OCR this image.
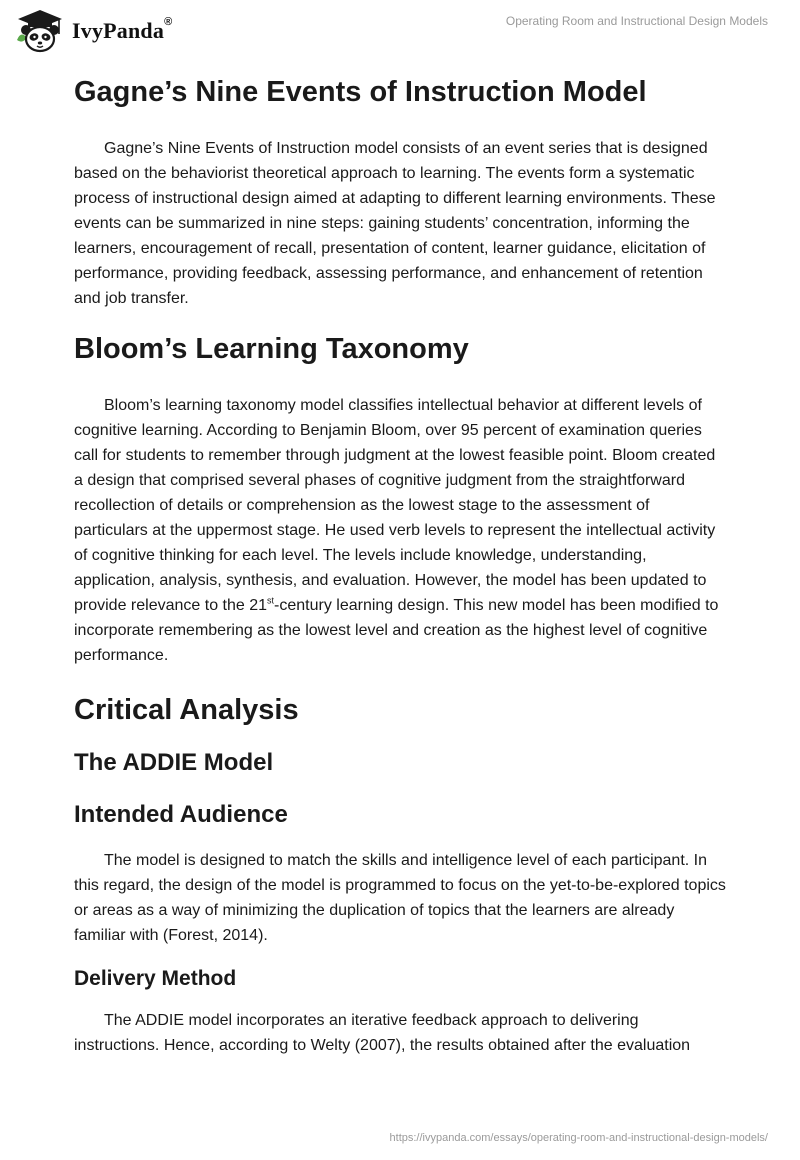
IvyPanda®	Operating Room and Instructional Design Models
Gagne’s Nine Events of Instruction Model

Gagne’s Nine Events of Instruction model consists of an event series that is designed based on the behaviorist theoretical approach to learning. The events form a systematic process of instructional design aimed at adapting to different learning environments. These events can be summarized in nine steps: gaining students’ concentration, informing the learners, encouragement of recall, presentation of content, learner guidance, elicitation of performance, providing feedback, assessing performance, and enhancement of retention and job transfer.

Bloom’s Learning Taxonomy

Bloom’s learning taxonomy model classifies intellectual behavior at different levels of cognitive learning. According to Benjamin Bloom, over 95 percent of examination queries call for students to remember through judgment at the lowest feasible point. Bloom created a design that comprised several phases of cognitive judgment from the straightforward recollection of details or comprehension as the lowest stage to the assessment of particulars at the uppermost stage. He used verb levels to represent the intellectual activity of cognitive thinking for each level. The levels include knowledge, understanding, application, analysis, synthesis, and evaluation. However, the model has been updated to provide relevance to the 21st-century learning design. This new model has been modified to incorporate remembering as the lowest level and creation as the highest level of cognitive performance.

Critical Analysis
The ADDIE Model
Intended Audience

The model is designed to match the skills and intelligence level of each participant. In this regard, the design of the model is programmed to focus on the yet-to-be-explored topics or areas as a way of minimizing the duplication of topics that the learners are already familiar with (Forest, 2014).

Delivery Method

The ADDIE model incorporates an iterative feedback approach to delivering instructions. Hence, according to Welty (2007), the results obtained after the evaluation

https://ivypanda.com/essays/operating-room-and-instructional-design-models/
